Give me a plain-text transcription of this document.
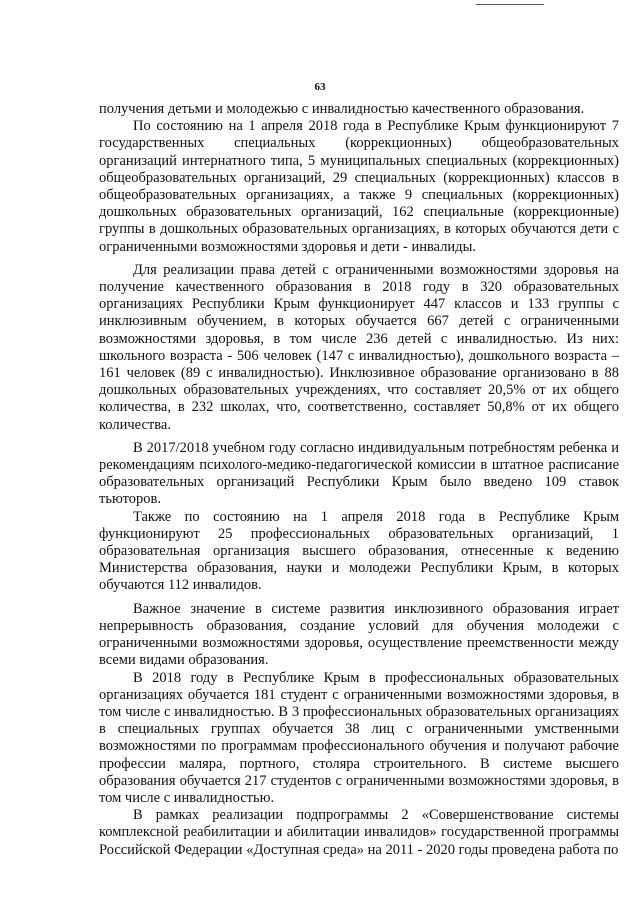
63

получения детьми и молодежью с инвалидностью качественного образования.

По состоянию на 1 апреля 2018 года в Республике Крым функционируют 7 государственных специальных (коррекционных) общеобразовательных организаций интернатного типа, 5 муниципальных специальных (коррекционных) общеобразовательных организаций, 29 специальных (коррекционных) классов в общеобразовательных организациях, а также 9 специальных (коррекционных) дошкольных образовательных организаций, 162 специальные (коррекционные) группы в дошкольных образовательных организациях, в которых обучаются дети с ограниченными возможностями здоровья и дети - инвалиды.

Для реализации права детей с ограниченными возможностями здоровья на получение качественного образования в 2018 году в 320 образовательных организациях Республики Крым функционирует 447 классов и 133 группы с инклюзивным обучением, в которых обучается 667 детей с ограниченными возможностями здоровья, в том числе 236 детей с инвалидностью. Из них: школьного возраста - 506 человек (147 с инвалидностью), дошкольного возраста – 161 человек (89 с инвалидностью). Инклюзивное образование организовано в 88 дошкольных образовательных учреждениях, что составляет 20,5% от их общего количества, в 232 школах, что, соответственно, составляет 50,8% от их общего количества.

В 2017/2018 учебном году согласно индивидуальным потребностям ребенка и рекомендациям психолого-медико-педагогической комиссии в штатное расписание образовательных организаций Республики Крым было введено 109 ставок тьюторов.

Также по состоянию на 1 апреля 2018 года в Республике Крым функционируют 25 профессиональных образовательных организаций, 1 образовательная организация высшего образования, отнесенные к ведению Министерства образования, науки и молодежи Республики Крым, в которых обучаются 112 инвалидов.

Важное значение в системе развития инклюзивного образования играет непрерывность образования, создание условий для обучения молодежи с ограниченными возможностями здоровья, осуществление преемственности между всеми видами образования.

В 2018 году в Республике Крым в профессиональных образовательных организациях обучается 181 студент с ограниченными возможностями здоровья, в том числе с инвалидностью. В 3 профессиональных образовательных организациях в специальных группах обучается 38 лиц с ограниченными умственными возможностями по программам профессионального обучения и получают рабочие профессии маляра, портного, столяра строительного. В системе высшего образования обучается 217 студентов с ограниченными возможностями здоровья, в том числе с инвалидностью.

В рамках реализации подпрограммы 2 «Совершенствование системы комплексной реабилитации и абилитации инвалидов» государственной программы Российской Федерации «Доступная среда» на 2011 - 2020 годы проведена работа по
